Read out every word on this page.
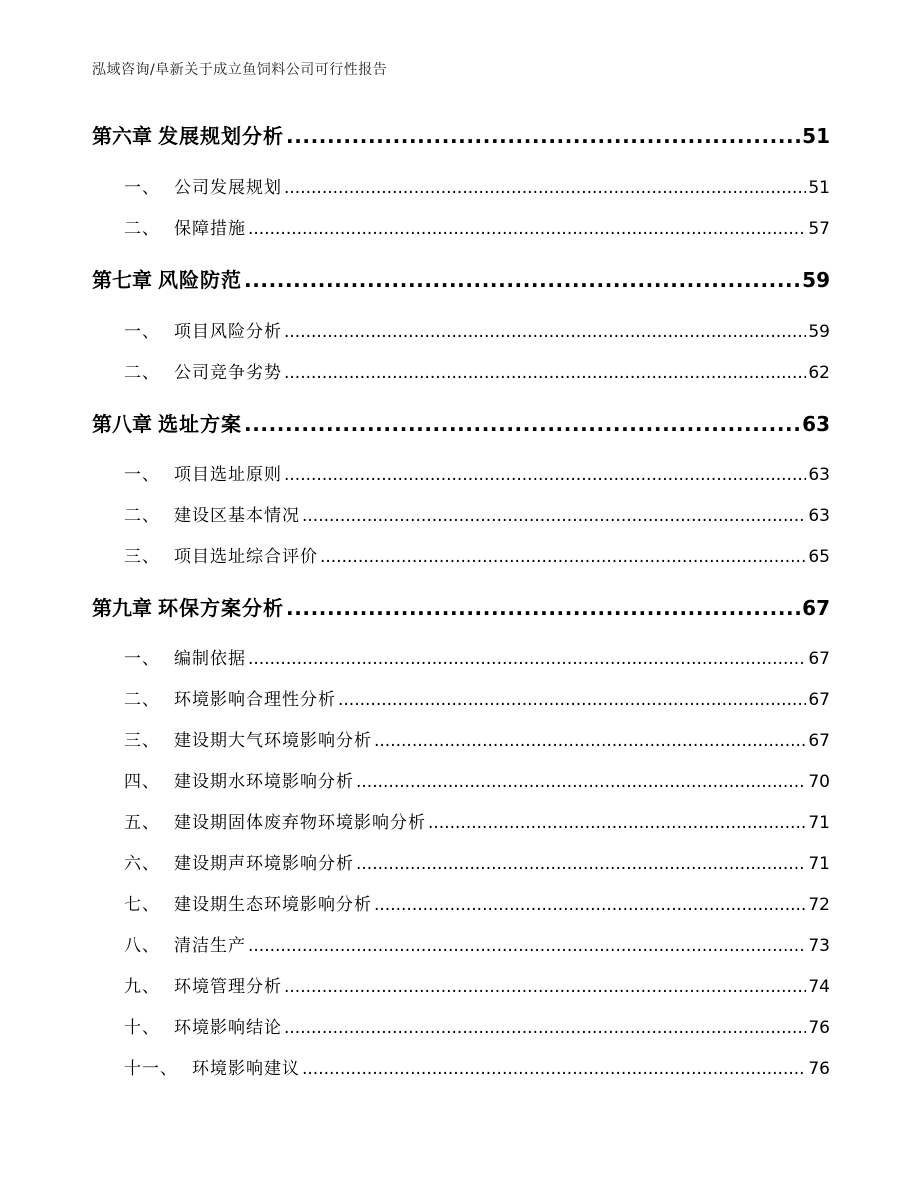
泓域咨询/阜新关于成立鱼饲料公司可行性报告
第六章 发展规划分析 .....	51
一、 公司发展规划 .....	51
二、 保障措施 .....	57
第七章 风险防范 .....	59
一、 项目风险分析 .....	59
二、 公司竞争劣势 .....	62
第八章 选址方案 .....	63
一、 项目选址原则 .....	63
二、 建设区基本情况 .....	63
三、 项目选址综合评价 .....	65
第九章 环保方案分析 .....	67
一、 编制依据 .....	67
二、 环境影响合理性分析 .....	67
三、 建设期大气环境影响分析 .....	67
四、 建设期水环境影响分析 .....	70
五、 建设期固体废弃物环境影响分析 .....	71
六、 建设期声环境影响分析 .....	71
七、 建设期生态环境影响分析 .....	72
八、 清洁生产 .....	73
九、 环境管理分析 .....	74
十、 环境影响结论 .....	76
十一、 环境影响建议 .....	76
